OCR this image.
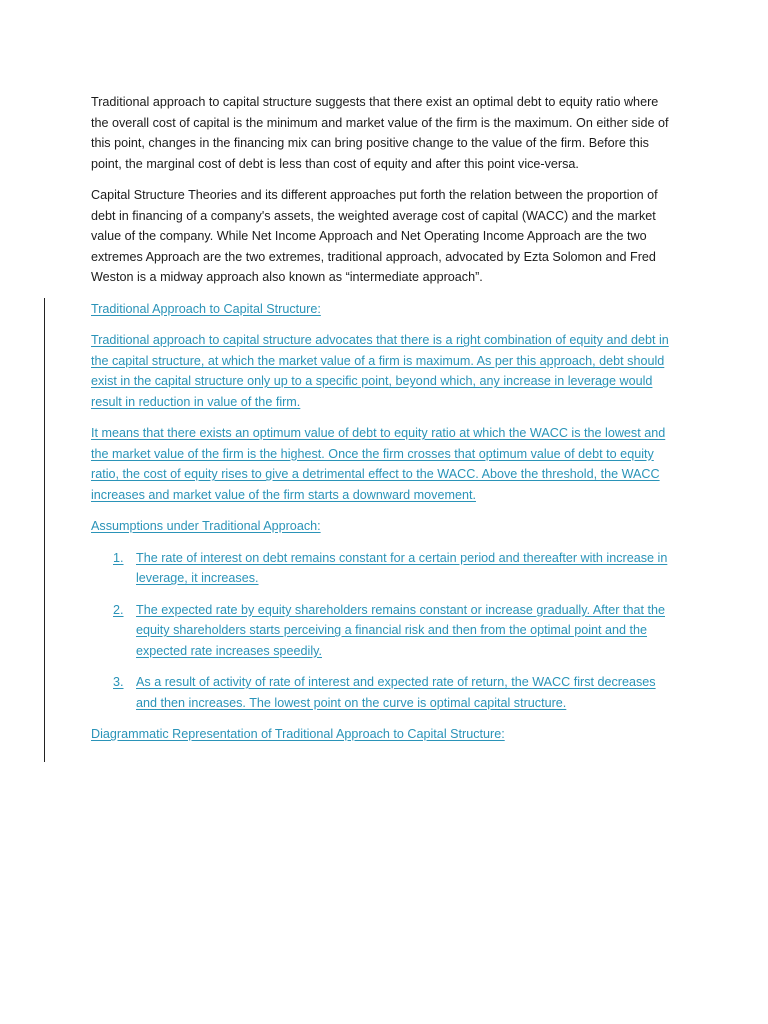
Traditional approach to capital structure suggests that there exist an optimal debt to equity ratio where the overall cost of capital is the minimum and market value of the firm is the maximum. On either side of this point, changes in the financing mix can bring positive change to the value of the firm. Before this point, the marginal cost of debt is less than cost of equity and after this point vice-versa.

Capital Structure Theories and its different approaches put forth the relation between the proportion of debt in financing of a company's assets, the weighted average cost of capital (WACC) and the market value of the company. While Net Income Approach and Net Operating Income Approach are the two extremes Approach are the two extremes, traditional approach, advocated by Ezta Solomon and Fred Weston is a midway approach also known as “intermediate approach”.

Traditional Approach to Capital Structure:

Traditional approach to capital structure advocates that there is a right combination of equity and debt in the capital structure, at which the market value of a firm is maximum. As per this approach, debt should exist in the capital structure only up to a specific point, beyond which, any increase in leverage would result in reduction in value of the firm.

It means that there exists an optimum value of debt to equity ratio at which the WACC is the lowest and the market value of the firm is the highest. Once the firm crosses that optimum value of debt to equity ratio, the cost of equity rises to give a detrimental effect to the WACC. Above the threshold, the WACC increases and market value of the firm starts a downward movement.

Assumptions under Traditional Approach:

1. The rate of interest on debt remains constant for a certain period and thereafter with increase in leverage, it increases.
2. The expected rate by equity shareholders remains constant or increase gradually. After that the equity shareholders starts perceiving a financial risk and then from the optimal point and the expected rate increases speedily.
3. As a result of activity of rate of interest and expected rate of return, the WACC first decreases and then increases. The lowest point on the curve is optimal capital structure.

Diagrammatic Representation of Traditional Approach to Capital Structure:
